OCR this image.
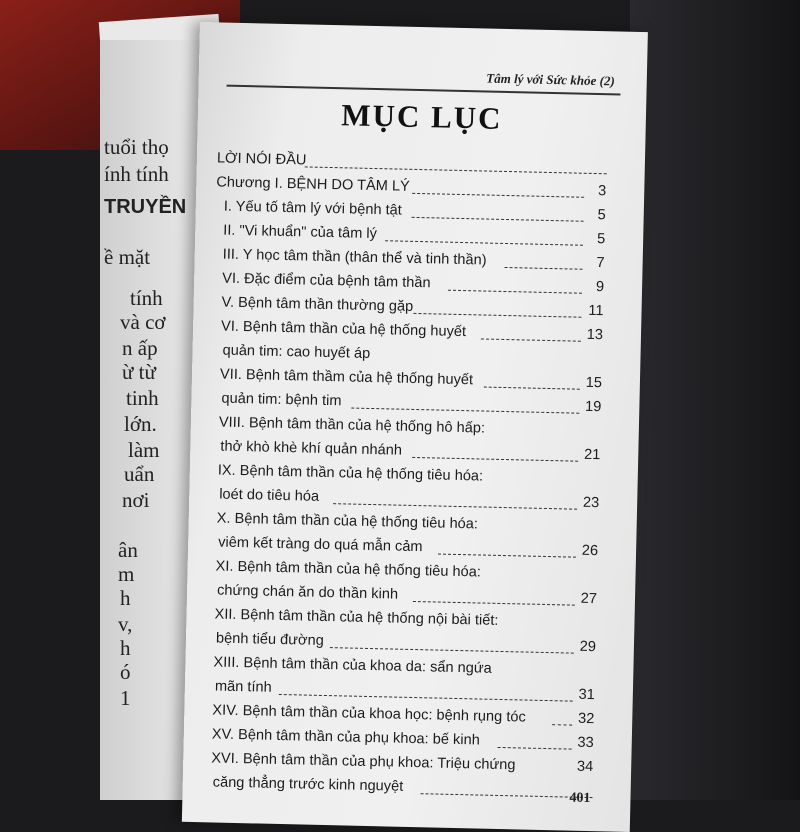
tuổi thọ
ính tính
TRUYỀN
ề mặt
tính
và cơ
n ấp
ừ từ
tinh
lớn.
làm
uẩn
nơi
ân
m
h
v,
h
ó
1
Tâm lý với Sức khỏe (2)
MỤC LỤC
LỜI NÓI ĐẦU
Chương I. BỆNH DO TÂM LÝ	3
I. Yếu tố tâm lý với bệnh tật	5
II. "Vi khuẩn" của tâm lý	5
III. Y học tâm thần (thân thể và tinh thần)	7
VI. Đặc điểm của bệnh tâm thần	9
V. Bệnh tâm thần thường gặp	11
VI. Bệnh tâm thần của hệ thống huyết	13
quản tim: cao huyết áp
VII. Bệnh tâm thầm của hệ thống huyết	15
quản tim: bệnh tim	19
VIII. Bệnh tâm thần của hệ thống hô hấp:
thở khò khè khí quản nhánh	21
IX. Bệnh tâm thần của hệ thống tiêu hóa:
loét do tiêu hóa	23
X. Bệnh tâm thần của hệ thống tiêu hóa:
viêm kết tràng do quá mẫn cảm	26
XI. Bệnh tâm thần của hệ thống tiêu hóa:
chứng chán ăn do thần kinh	27
XII. Bệnh tâm thần của hệ thống nội bài tiết:
bệnh tiểu đường	29
XIII. Bệnh tâm thần của khoa da: sẩn ngứa
mãn tính	31
XIV. Bệnh tâm thần của khoa học: bệnh rụng tóc	32
XV. Bệnh tâm thần của phụ khoa: bế kinh	33
XVI. Bệnh tâm thần của phụ khoa: Triệu chứng	34
căng thẳng trước kinh nguyệt
401
